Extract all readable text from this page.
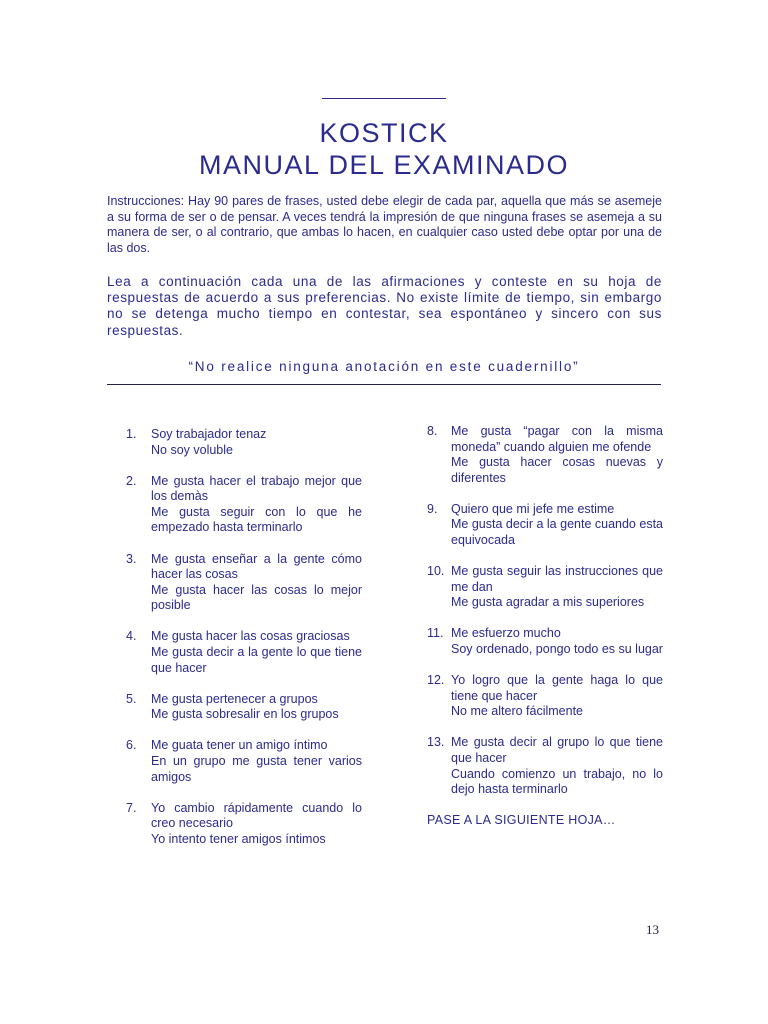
KOSTICK
MANUAL DEL EXAMINADO
Instrucciones: Hay 90 pares de frases, usted debe elegir de cada par, aquella que más se asemeje a su forma de ser o de pensar. A veces tendrá la impresión de que ninguna frases se asemeja a su manera de ser, o al contrario, que ambas lo hacen, en cualquier caso usted debe optar por una de las dos.
Lea a continuación cada una de las afirmaciones y conteste en su hoja de respuestas de acuerdo a sus preferencias. No existe límite de tiempo, sin embargo no se detenga mucho tiempo en contestar, sea espontáneo y sincero con sus respuestas.
“No realice ninguna anotación en este cuadernillo”
1.	Soy trabajador tenaz
No soy voluble
2.	Me gusta hacer el trabajo mejor que los demàs
Me gusta seguir con lo que he empezado hasta terminarlo
3.	Me gusta enseñar a la gente cómo hacer las cosas
Me gusta hacer las cosas lo mejor posible
4.	Me gusta hacer las cosas graciosas
Me gusta decir a la gente lo que tiene que hacer
5.	Me gusta pertenecer a grupos
Me gusta sobresalir en los grupos
6.	Me guata tener un amigo íntimo
En un grupo me gusta tener varios amigos
7.	Yo cambio rápidamente cuando lo creo necesario
Yo intento tener amigos íntimos
8.	Me gusta “pagar con la misma moneda” cuando alguien me ofende
Me gusta hacer cosas nuevas y diferentes
9.	Quiero que mi jefe me estime
Me gusta decir a la gente cuando esta equivocada
10. Me gusta seguir las instrucciones que me dan
Me gusta agradar a mis superiores
11. Me esfuerzo mucho
Soy ordenado, pongo todo es su lugar
12. Yo logro que la gente haga lo que tiene que hacer
No me altero fácilmente
13. Me gusta decir al grupo lo que tiene que hacer
Cuando comienzo un trabajo, no lo dejo hasta terminarlo
PASE A LA SIGUIENTE HOJA…
13
